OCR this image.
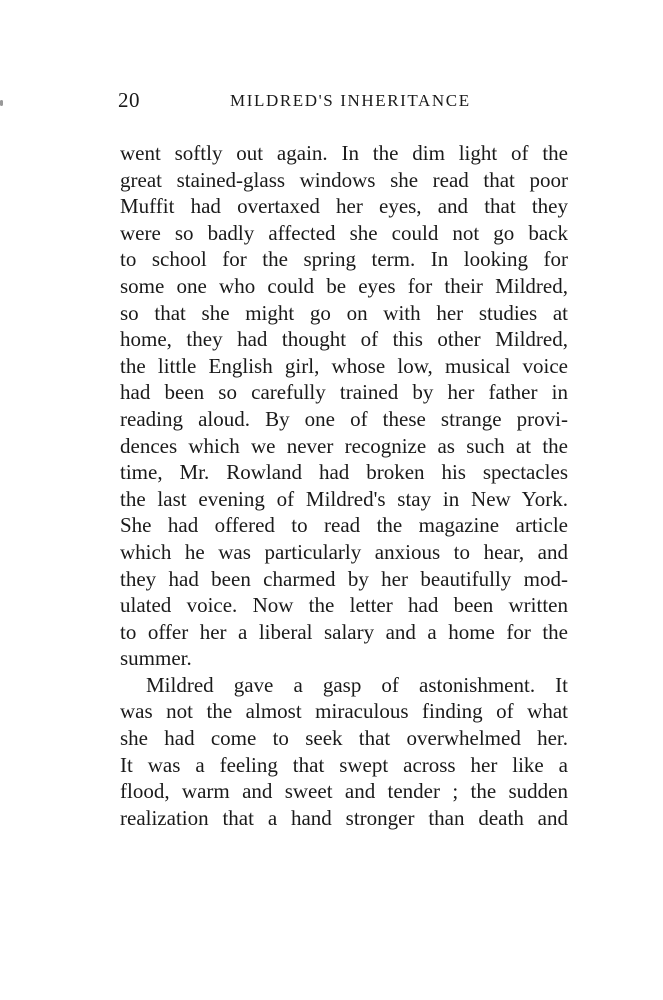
20	MILDRED'S INHERITANCE
went softly out again. In the dim light of the
great stained-glass windows she read that poor
Muffit had overtaxed her eyes, and that they
were so badly affected she could not go back
to school for the spring term. In looking for
some one who could be eyes for their Mildred,
so that she might go on with her studies at
home, they had thought of this other Mildred,
the little English girl, whose low, musical voice
had been so carefully trained by her father in
reading aloud. By one of these strange provi-
dences which we never recognize as such at the
time, Mr. Rowland had broken his spectacles
the last evening of Mildred's stay in New York.
She had offered to read the magazine article
which he was particularly anxious to hear, and
they had been charmed by her beautifully mod-
ulated voice. Now the letter had been written
to offer her a liberal salary and a home for the
summer.
Mildred gave a gasp of astonishment. It
was not the almost miraculous finding of what
she had come to seek that overwhelmed her.
It was a feeling that swept across her like a
flood, warm and sweet and tender ; the sudden
realization that a hand stronger than death and
